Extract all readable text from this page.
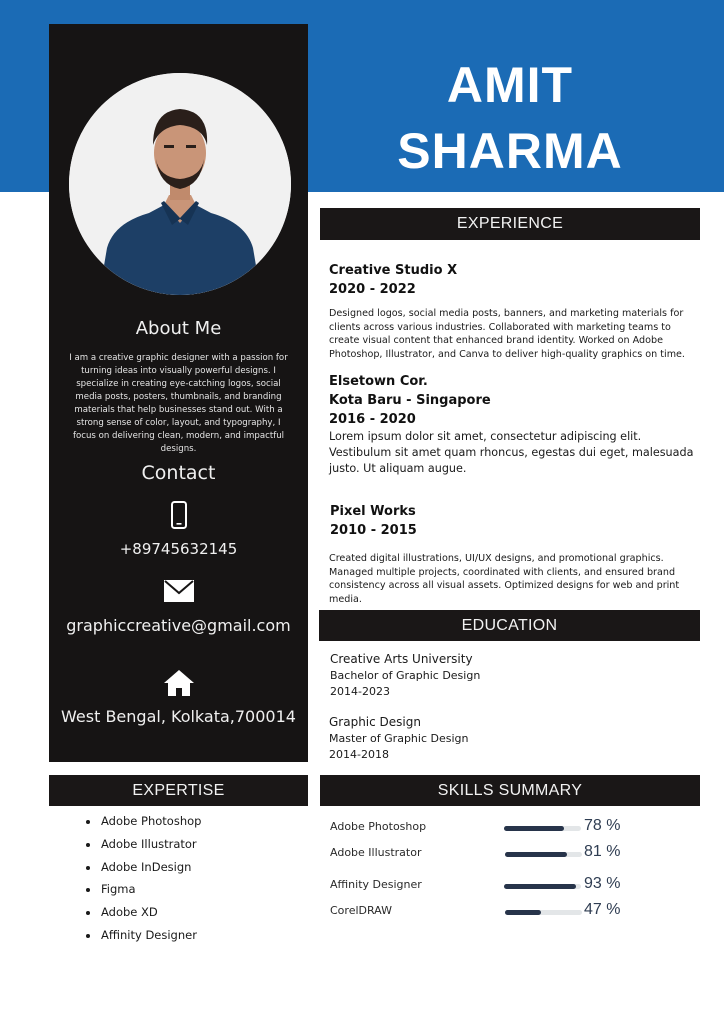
AMIT
SHARMA
About Me
I am a creative graphic designer with a passion for turning ideas into visually powerful designs. I specialize in creating eye-catching logos, social media posts, posters, thumbnails, and branding materials that help businesses stand out. With a strong sense of color, layout, and typography, I focus on delivering clean, modern, and impactful designs.
Contact
+89745632145
graphiccreative@gmail.com
West Bengal, Kolkata,700014
EXPERIENCE
Creative Studio X
2020 - 2022
Designed logos, social media posts, banners, and marketing materials for clients across various industries. Collaborated with marketing teams to create visual content that enhanced brand identity. Worked on Adobe Photoshop, Illustrator, and Canva to deliver high-quality graphics on time.
Elsetown Cor.
Kota Baru - Singapore
2016 - 2020
Lorem ipsum dolor sit amet, consectetur adipiscing elit. Vestibulum sit amet quam rhoncus, egestas dui eget, malesuada justo. Ut aliquam augue.
Pixel Works
2010 - 2015
Created digital illustrations, UI/UX designs, and promotional graphics. Managed multiple projects, coordinated with clients, and ensured brand consistency across all visual assets. Optimized designs for web and print media.
EDUCATION
Creative Arts University
Bachelor of Graphic Design
2014-2023
Graphic Design
Master of Graphic Design
2014-2018
EXPERTISE
Adobe Photoshop
Adobe Illustrator
Adobe InDesign
Figma
Adobe XD
Affinity Designer
SKILLS SUMMARY
Adobe Photoshop	78 %
Adobe Illustrator	81 %
Affinity Designer	93 %
CorelDRAW	47 %
